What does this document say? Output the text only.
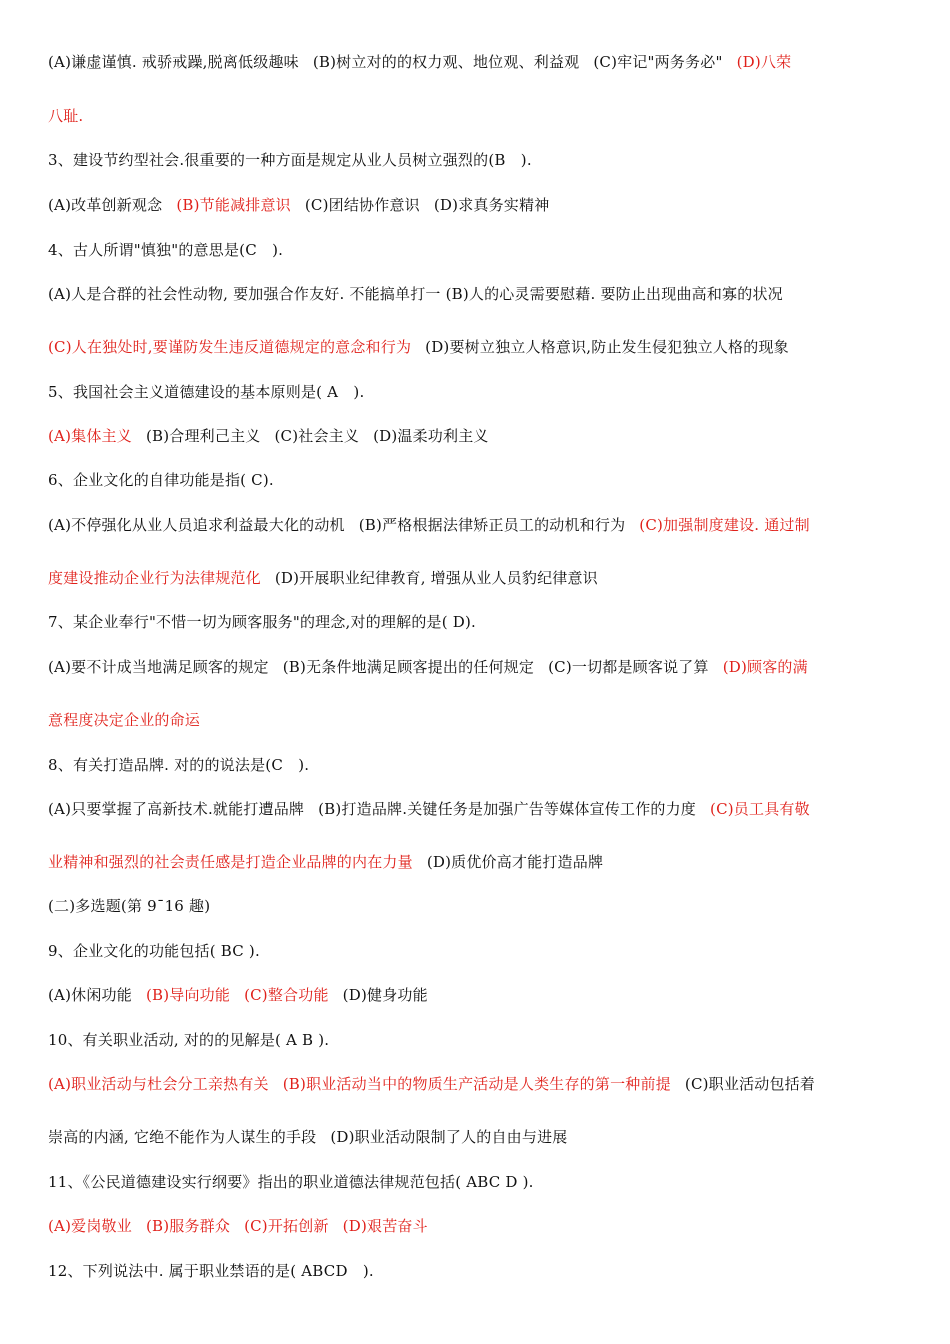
(A)谦虚谨慎. 戒骄戒躁,脱离低级趣味 (B)树立对的的权力观、地位观、利益观 (C)牢记"两务务必" (D)八荣
八耻.
3、建设节约型社会.很重要的一种方面是规定从业人员树立强烈的(B　).
(A)改革创新观念 (B)节能减排意识 (C)团结协作意识 (D)求真务实精神
4、古人所谓"慎独"的意思是(C　).
(A)人是合群的社会性动物, 要加强合作友好. 不能搞单打一 (B)人的心灵需要慰藉. 要防止出现曲高和寡的状况
(C)人在独处时,要谨防发生违反道德规定的意念和行为 (D)要树立独立人格意识,防止发生侵犯独立人格的现象
5、我国社会主义道德建设的基本原则是( A　).
(A)集体主义 (B)合理利己主义 (C)社会主义 (D)温柔功利主义
6、企业文化的自律功能是指( C).
(A)不停强化从业人员追求利益最大化的动机 (B)严格根据法律矫正员工的动机和行为 (C)加强制度建设. 通过制
度建设推动企业行为法律规范化 (D)开展职业纪律教育, 增强从业人员豹纪律意识
7、某企业奉行"不惜一切为顾客服务"的理念,对的理解的是( D).
(A)要不计成当地满足顾客的规定 (B)无条件地满足顾客提出的任何规定 (C)一切都是顾客说了算 (D)顾客的满
意程度决定企业的命运
8、有关打造品牌. 对的的说法是(C　).
(A)只要掌握了高新技术.就能打遭品牌 (B)打造品牌.关键任务是加强广告等媒体宣传工作的力度 (C)员工具有敬
业精神和强烈的社会责任感是打造企业品牌的内在力量 (D)质优价高才能打造品牌
(二)多选题(第 9¯16 趣)
9、企业文化的功能包括( BC ).
(A)休闲功能 (B)导向功能 (C)整合功能 (D)健身功能
10、有关职业活动, 对的的见解是( A B ).
(A)职业活动与杜会分工亲热有关 (B)职业活动当中的物质生产活动是人类生存的第一种前提 (C)职业活动包括着
崇高的内涵, 它绝不能作为人谋生的手段 (D)职业活动限制了人的自由与进展
11、《公民道德建设实行纲要》指出的职业道德法律规范包括( ABC D ).
(A)爱岗敬业 (B)服务群众 (C)开拓创新 (D)艰苦奋斗
12、下列说法中. 属于职业禁语的是( ABCD　).
